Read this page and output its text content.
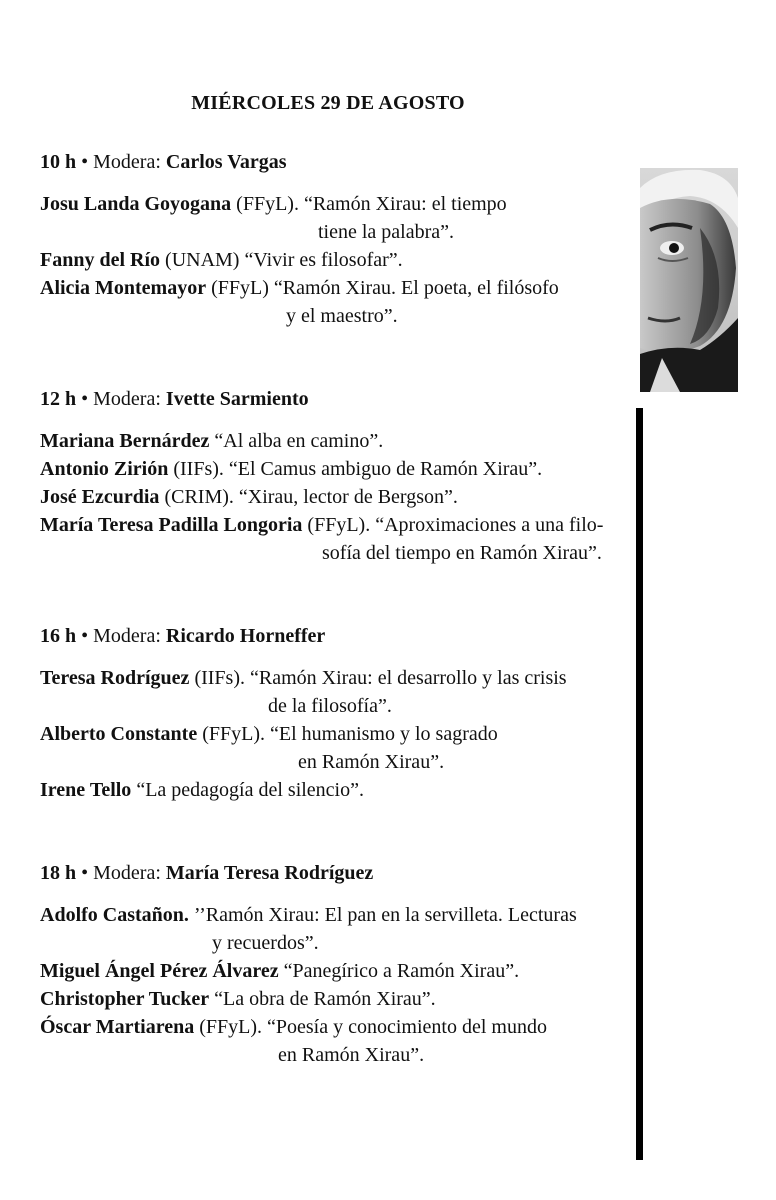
MIÉRCOLES 29 DE AGOSTO
10 h • Modera: Carlos Vargas
Josu Landa Goyogana (FFyL). “Ramón Xirau: el tiempo
tiene la palabra”.
Fanny del Río (UNAM) “Vivir es filosofar”.
Alicia Montemayor (FFyL) “Ramón Xirau. El poeta, el filósofo
y el maestro”.
12 h • Modera: Ivette Sarmiento
Mariana Bernárdez “Al alba en camino”.
Antonio Zirión (IIFs). “El Camus ambiguo de Ramón Xirau”.
José Ezcurdia (CRIM). “Xirau, lector de Bergson”.
María Teresa Padilla Longoria (FFyL). “Aproximaciones a una filo-
sofía del tiempo en Ramón Xirau”.
16 h • Modera: Ricardo Horneffer
Teresa Rodríguez (IIFs). “Ramón Xirau: el desarrollo y las crisis
de la filosofía”.
Alberto Constante (FFyL). “El humanismo y lo sagrado
en Ramón Xirau”.
Irene Tello “La pedagogía del silencio”.
18 h • Modera: María Teresa Rodríguez
Adolfo Castañon. ’’Ramón Xirau: El pan en la servilleta. Lecturas
y recuerdos”.
Miguel Ángel Pérez Álvarez “Panegírico a Ramón Xirau”.
Christopher Tucker “La obra de Ramón Xirau”.
Óscar Martiarena (FFyL). “Poesía y conocimiento del mundo
en Ramón Xirau”.
